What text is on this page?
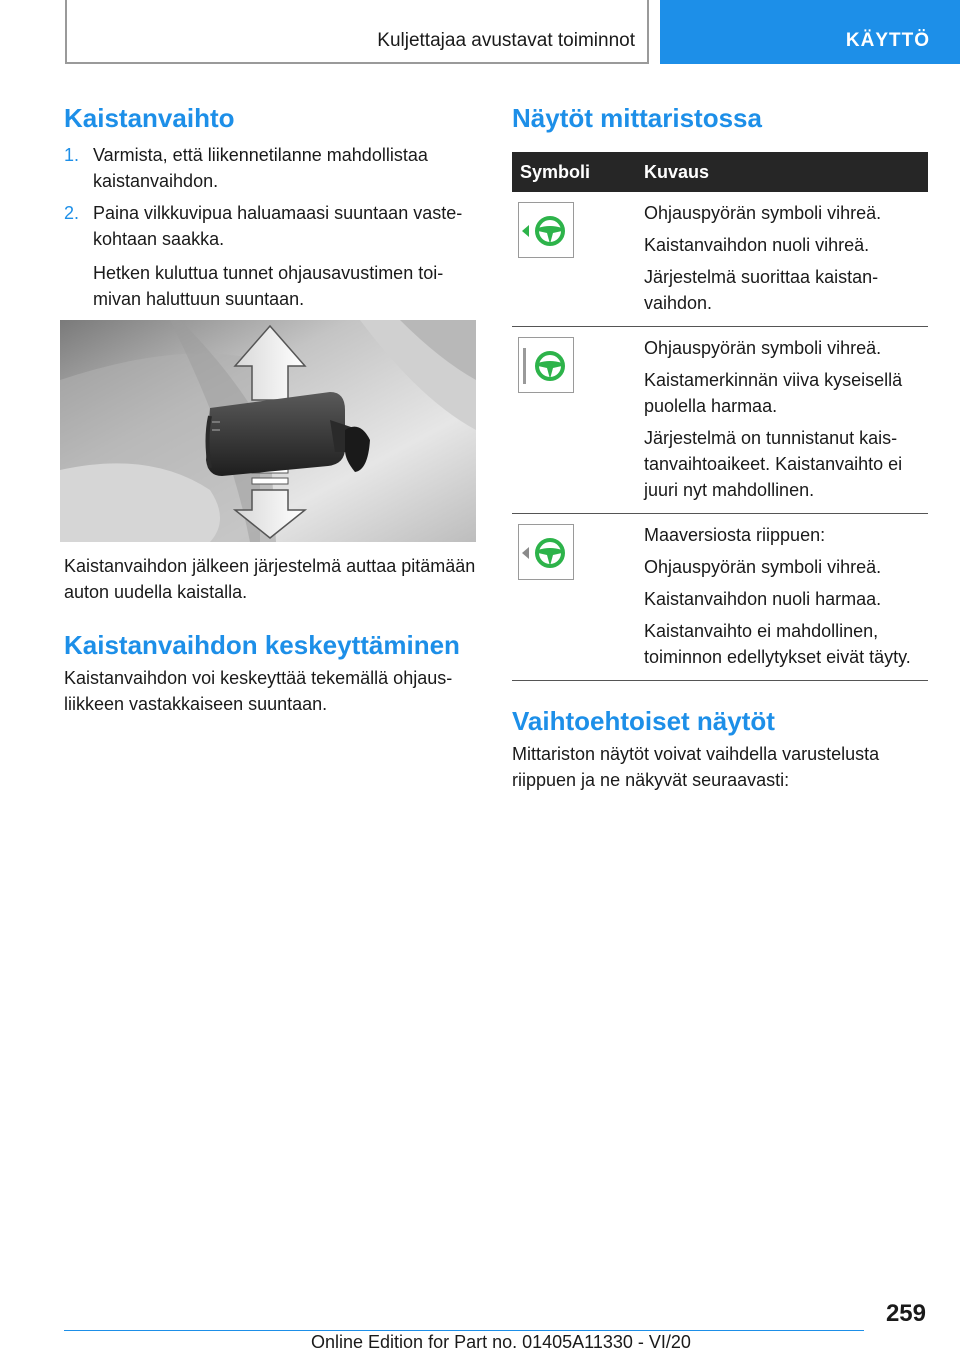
Kuljettajaa avustavat toiminnot	KÄYTTÖ
Kaistanvaihto
1. Varmista, että liikennetilanne mahdollistaa kaistanvaihdon.
2. Paina vilkkuvipua haluamaasi suuntaan vastekohtaan saakka.
Hetken kuluttua tunnet ohjausavustimen toimivan haluttuun suuntaan.

Kaistanvaihdon jälkeen järjestelmä auttaa pitämään auton uudella kaistalla.

Kaistanvaihdon keskeyttäminen

Kaistanvaihdon voi keskeyttää tekemällä ohjausliikkeen vastakkaiseen suuntaan.

Näytöt mittaristossa
Symboli	Kuvaus

Ohjauspyörän symboli vihreä.
Kaistanvaihdon nuoli vihreä.
Järjestelmä suorittaa kaistanvaihdon.

Ohjauspyörän symboli vihreä.
Kaistamerkinnän viiva kyseisellä puolella harmaa.
Järjestelmä on tunnistanut kaistanvaihtoaikeet. Kaistanvaihto ei juuri nyt mahdollinen.

Maaversiosta riippuen:
Ohjauspyörän symboli vihreä.
Kaistanvaihdon nuoli harmaa.
Kaistanvaihto ei mahdollinen, toiminnon edellytykset eivät täyty.
Vaihtoehtoiset näytöt

Mittariston näytöt voivat vaihdella varustelusta riippuen ja ne näkyvät seuraavasti:

259
Online Edition for Part no. 01405A11330 - VI/20
